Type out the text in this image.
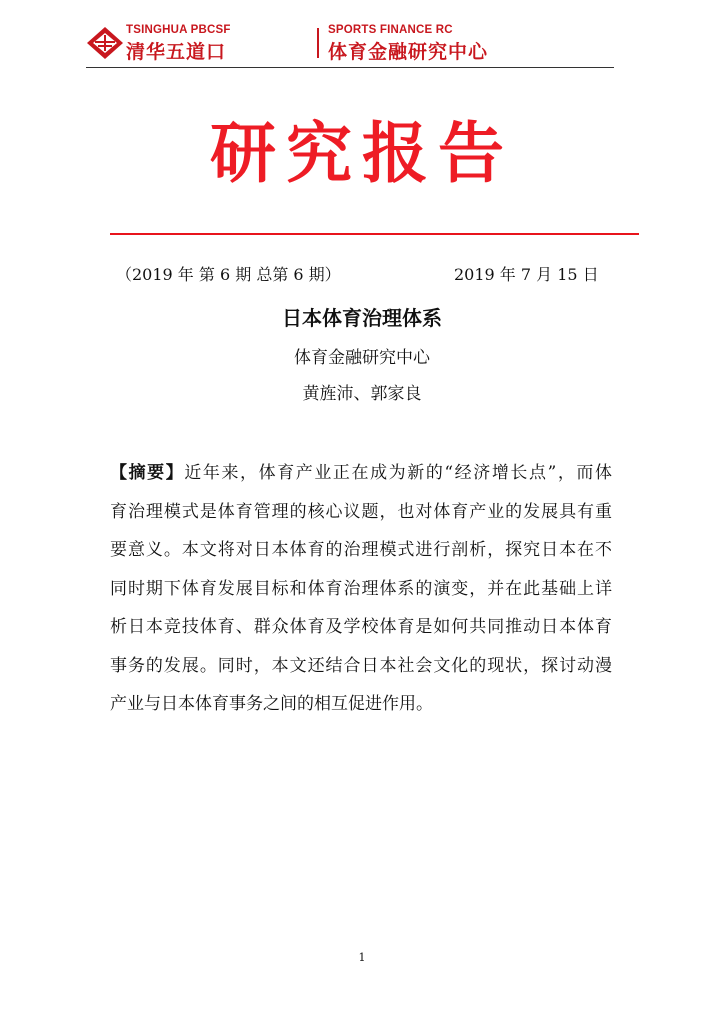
TSINGHUA PBCSF
清华五道口
SPORTS FINANCE RC
体育金融研究中心
研究报告
（2019 年 第 6 期 总第 6 期）	2019 年 7 月 15 日
日本体育治理体系
体育金融研究中心
黄旌沛、郭家良
【摘要】近年来，体育产业正在成为新的“经济增长点”，而体
育治理模式是体育管理的核心议题，也对体育产业的发展具有重
要意义。本文将对日本体育的治理模式进行剖析，探究日本在不
同时期下体育发展目标和体育治理体系的演变，并在此基础上详
析日本竞技体育、群众体育及学校体育是如何共同推动日本体育
事务的发展。同时，本文还结合日本社会文化的现状，探讨动漫
产业与日本体育事务之间的相互促进作用。
1
